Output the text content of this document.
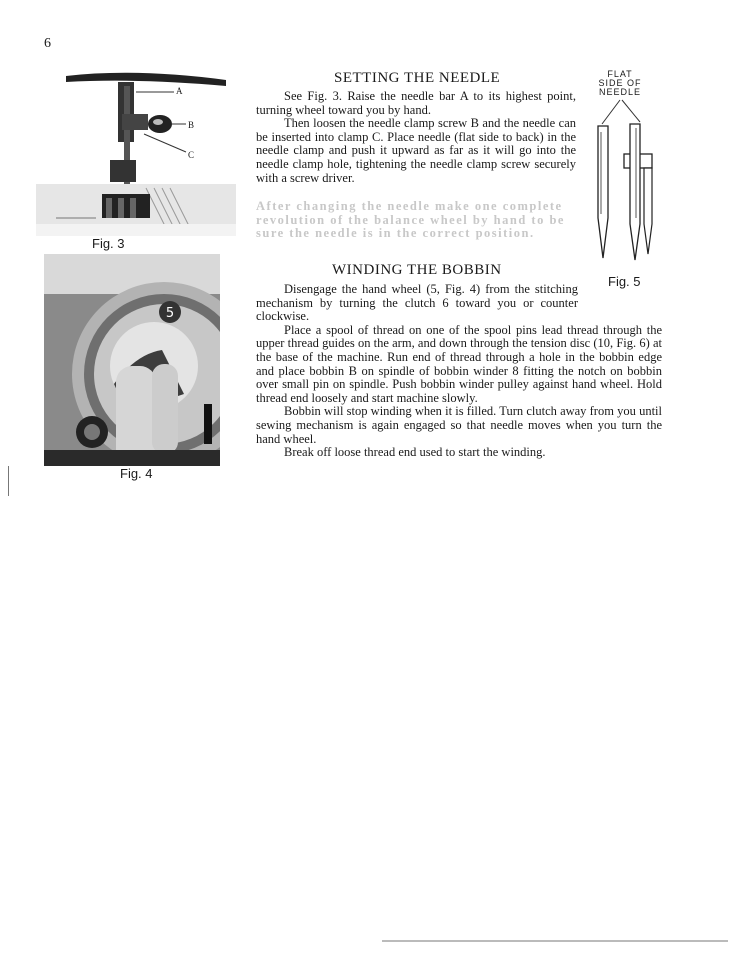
6
A
B
C
Fig. 3
5
Fig. 4
FLAT
SIDE OF
NEEDLE
Fig. 5
SETTING THE NEEDLE

See Fig. 3. Raise the needle bar A to its highest point, turning wheel toward you by hand.

Then loosen the needle clamp screw B and the needle can be inserted into clamp C. Place needle (flat side to back) in the needle clamp and push it upward as far as it will go into the needle clamp hole, tightening the needle clamp screw securely with a screw driver.

After changing the needle make one complete revolution of the balance wheel by hand to be sure the needle is in the correct position.
WINDING THE BOBBIN

Disengage the hand wheel (5, Fig. 4) from the stitching mechanism by turning the clutch 6 toward you or counter clockwise.

Place a spool of thread on one of the spool pins lead thread through the upper thread guides on the arm, and down through the tension disc (10, Fig. 6) at the base of the machine. Run end of thread through a hole in the bobbin edge and place bobbin B on spindle of bobbin winder 8 fitting the notch on bobbin over small pin on spindle. Push bobbin winder pulley against hand wheel. Hold thread end loosely and start machine slowly.

Bobbin will stop winding when it is filled. Turn clutch away from you until sewing mechanism is again engaged so that needle moves when you turn the hand wheel.

Break off loose thread end used to start the winding.
